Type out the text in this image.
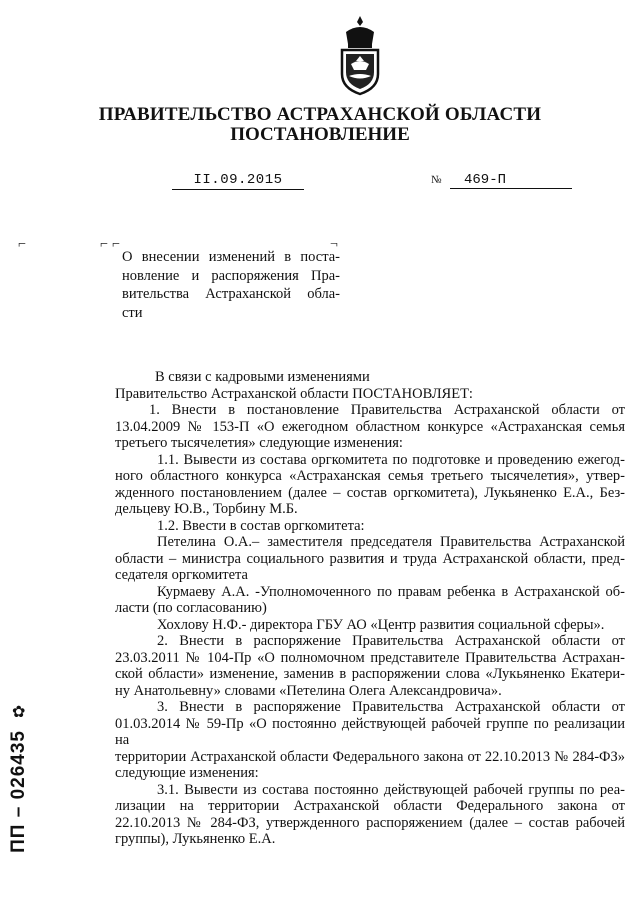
ПРАВИТЕЛЬСТВО АСТРАХАНСКОЙ ОБЛАСТИ
ПОСТАНОВЛЕНИЕ
II.09.2015	№	469-П
⌐	⌐ ⌐	¬
О внесении изменений в поста-
новление и распоряжения Пра-
вительства Астраханской обла-
сти

В связи с кадровыми изменениями
Правительство Астраханской области ПОСТАНОВЛЯЕТ:

1. Внести в постановление Правительства Астраханской области от
13.04.2009 № 153-П «О ежегодном областном конкурсе «Астраханская семья
третьего тысячелетия» следующие изменения:

1.1. Вывести из состава оргкомитета по подготовке и проведению ежегод-
ного областного конкурса «Астраханская семья третьего тысячелетия», утвер-
жденного постановлением (далее – состав оргкомитета), Лукьяненко Е.А., Без-
дельцеву Ю.В., Торбину М.Б.

1.2. Ввести в состав оргкомитета:

Петелина О.А.– заместителя председателя Правительства Астраханской
области – министра социального развития и труда Астраханской области, пред-
седателя оргкомитета

Курмаеву А.А. -Уполномоченного по правам ребенка в Астраханской об-
ласти (по согласованию)

Хохлову Н.Ф.- директора ГБУ АО «Центр развития социальной сферы».

2. Внести в распоряжение Правительства Астраханской области от
23.03.2011 № 104-Пр «О полномочном представителе Правительства Астрахан-
ской области» изменение, заменив в распоряжении слова «Лукьяненко Екатери-
ну Анатольевну» словами «Петелина Олега Александровича».

3. Внести в распоряжение Правительства Астраханской области от
01.03.2014 № 59-Пр «О постоянно действующей рабочей группе по реализации на
территории Астраханской области Федерального закона от 22.10.2013 № 284-ФЗ»
следующие изменения:

3.1. Вывести из состава постоянно действующей рабочей группы по реа-
лизации на территории Астраханской области Федерального закона от
22.10.2013 № 284-ФЗ, утвержденного распоряжением (далее – состав рабочей
группы), Лукьяненко Е.А.

✿
ПП – 026435
